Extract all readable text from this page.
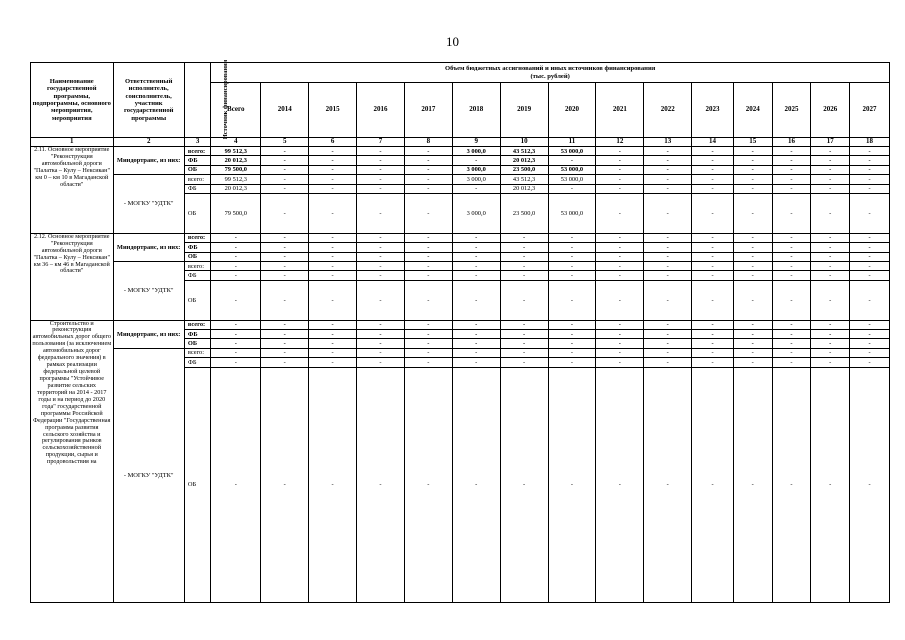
10
Наименование государственной программы, подпрограммы, основного мероприятия, мероприятия	Ответственный исполнитель, соисполнитель, участник государственной программы	Источник финансирования	Объем бюджетных ассигнований и иных источников финансирования
(тыс. рублей)														
			Всего	2014	2015	2016	2017	2018	2019	2020	2021	2022	2023	2024	2025	2026	2027
1	2	3	4	5	6	7	8	9	10	11	12	13	14	15	16	17	18
2.11. Основное мероприятие "Реконструкция автомобильной дороги "Палатка – Кулу – Нексикан" км 0 – км 10 в Магаданской области"	Миндортранс, из них:	всего:	99 512,3	-	-	-	-	3 000,0	43 512,3	53 000,0	-	-	-	-	-	-	-
		ФБ	20 012,3	-	-	-	-	-	20 012,3	-	-	-	-	-	-	-	-
		ОБ	79 500,0	-	-	-	-	3 000,0	23 500,0	53 000,0	-	-	-	-	-	-	-
	- МОГКУ "УДТК"	всего:	99 512,3	-	-	-	-	3 000,0	43 512,3	53 000,0	-	-	-	-	-	-	-
		ФБ	20 012,3	-	-	-	-	-	20 012,3	-	-	-	-	-	-	-	-
		ОБ	79 500,0	-	-	-	-	3 000,0	23 500,0	53 000,0	-	-	-	-	-	-	-
2.12. Основное мероприятие "Реконструкция автомобильной дороги "Палатка – Кулу – Нексикан" км 36 – км 46 в Магаданской области"	Миндортранс, из них:	всего:	-	-	-	-	-	-	-	-	-	-	-	-	-	-	-
		ФБ	-	-	-	-	-	-	-	-	-	-	-	-	-	-	-
		ОБ	-	-	-	-	-	-	-	-	-	-	-	-	-	-	-
	- МОГКУ "УДТК"	всего:	-	-	-	-	-	-	-	-	-	-	-	-	-	-	-
		ФБ	-	-	-	-	-	-	-	-	-	-	-	-	-	-	-
		ОБ	-	-	-	-	-	-	-	-	-	-	-	-	-	-	-
Строительство и реконструкция автомобильных дорог общего пользования (за исключением автомобильных дорог федерального значения) в рамках реализации федеральной целевой программы "Устойчивое развитие сельских территорий на 2014 - 2017 годы и на период до 2020 года" государственной программы Российской Федерации "Государственная программа развития сельского хозяйства и регулирования рынков сельскохозяйственной продукции, сырья и продовольствия на	Миндортранс, из них:	всего:	-	-	-	-	-	-	-	-	-	-	-	-	-	-	-
		ФБ	-	-	-	-	-	-	-	-	-	-	-	-	-	-	-
		ОБ	-	-	-	-	-	-	-	-	-	-	-	-	-	-	-
	- МОГКУ "УДТК"	всего:	-	-	-	-	-	-	-	-	-	-	-	-	-	-	-
		ФБ	-	-	-	-	-	-	-	-	-	-	-	-	-	-	-
		ОБ	-	-	-	-	-	-	-	-	-	-	-	-	-	-	-
